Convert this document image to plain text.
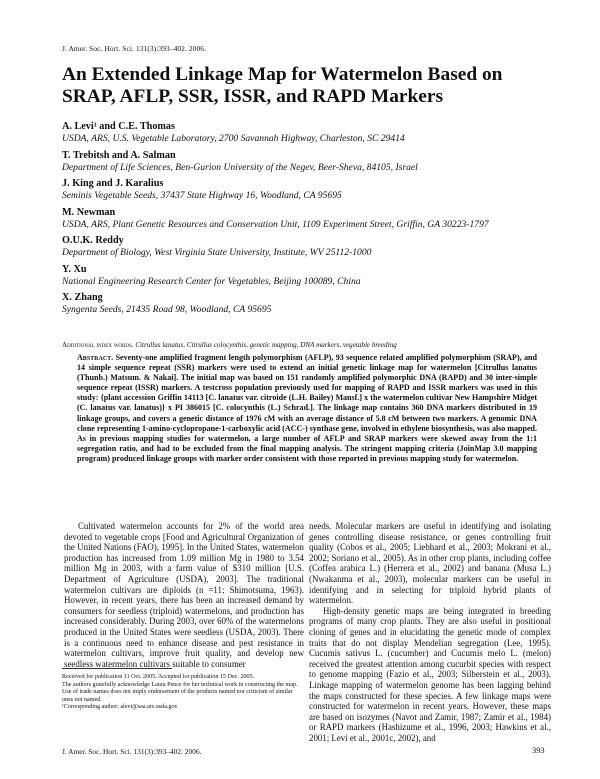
J. Amer. Soc. Hort. Sci. 131(3):393–402. 2006.
An Extended Linkage Map for Watermelon Based on SRAP, AFLP, SSR, ISSR, and RAPD Markers
A. Levi¹ and C.E. Thomas
USDA, ARS, U.S. Vegetable Laboratory, 2700 Savannah Highway, Charleston, SC 29414
T. Trebitsh and A. Salman
Department of Life Sciences, Ben-Gurion University of the Negev, Beer-Sheva, 84105, Israel
J. King and J. Karalius
Seminis Vegetable Seeds, 37437 State Highway 16, Woodland, CA 95695
M. Newman
USDA, ARS, Plant Genetic Resources and Conservation Unit, 1109 Experiment Street, Griffin, GA 30223-1797
O.U.K. Reddy
Department of Biology, West Virginia State University, Institute, WV 25112-1000
Y. Xu
National Engineering Research Center for Vegetables, Beijing 100089, China
X. Zhang
Syngenta Seeds, 21435 Road 98, Woodland, CA 95695
Additional index words. Citrullus lanatus, Citrullus colocynthis, genetic mapping, DNA markers, vegetable breeding

Abstract. Seventy-one amplified fragment length polymorphism (AFLP), 93 sequence related amplified polymorphism (SRAP), and 14 simple sequence repeat (SSR) markers were used to extend an initial genetic linkage map for watermelon [Citrullus lanatus (Thunb.) Matsum. & Nakai]. The initial map was based on 151 randomly amplified polymorphic DNA (RAPD) and 30 inter-simple sequence repeat (ISSR) markers. A testcross population previously used for mapping of RAPD and ISSR markers was used in this study: {plant accession Griffin 14113 [C. lanatus var. citroide (L.H. Bailey) Mansf.] x the watermelon cultivar New Hampshire Midget (C. lanatus var. lanatus)} x PI 386015 [C. colocynthis (L.) Schrad.]. The linkage map contains 360 DNA markers distributed in 19 linkage groups, and covers a genetic distance of 1976 cM with an average distance of 5.8 cM between two markers. A genomic DNA clone representing 1-amino-cyclopropane-1-carboxylic acid (ACC-) synthase gene, involved in ethylene biosynthesis, was also mapped. As in previous mapping studies for watermelon, a large number of AFLP and SRAP markers were skewed away from the 1:1 segregation ratio, and had to be excluded from the final mapping analysis. The stringent mapping criteria (JoinMap 3.0 mapping program) produced linkage groups with marker order consistent with those reported in previous mapping study for watermelon.

Cultivated watermelon accounts for 2% of the world area devoted to vegetable crops [Food and Agricultural Organization of the United Nations (FAO), 1995]. In the United States, watermelon production has increased from 1.09 million Mg in 1980 to 3.54 million Mg in 2003, with a farm value of $310 million [U.S. Department of Agriculture (USDA), 2003]. The traditional watermelon cultivars are diploids (n =11; Shimotsuma, 1963). However, in recent years, there has been an increased demand by consumers for seedless (triploid) watermelons, and production has increased considerably. During 2003, over 60% of the watermelons produced in the United States were seedless (USDA, 2003). There is a continuous need to enhance disease and pest resistance in watermelon cultivars, improve fruit quality, and develop new seedless watermelon cultivars suitable to consumer

needs. Molecular markers are useful in identifying and isolating genes controlling disease resistance, or genes controlling fruit quality (Cobos et al., 2005; Liebhard et al., 2003; Mokrani et al., 2002; Soriano et al., 2005). As in other crop plants, including coffee (Coffea arabica L.) (Herrera et al., 2002) and banana (Musa L.) (Nwakanma et al., 2003), molecular markers can be useful in identifying and in selecting for triploid hybrid plants of watermelon.

High-density genetic maps are being integrated in breeding programs of many crop plants. They are also useful in positional cloning of genes and in elucidating the genetic mode of complex traits that do not display Mendelian segregation (Lee, 1995). Cucumis sativus L. (cucumber) and Cucumis melo L. (melon) received the greatest attention among cucurbit species with respect to genome mapping (Fazio et al., 2003; Silberstein et al., 2003). Linkage mapping of watermelon genome has been lagging behind the maps constructed for these species. A few linkage maps were constructed for watermelon in recent years. However, these maps are based on isozymes (Navot and Zamir, 1987; Zamir et al., 1984) or RAPD markers (Hashizume et al., 1996, 2003; Hawkins et al., 2001; Levi et al., 2001c, 2002), and

Received for publication 11 Oct. 2005. Accepted for publication 15 Dec. 2005.

The authors gratefully acknowledge Laura Pence for her technical work in constructing the map. Use of trade names does not imply endorsement of the products named nor criticism of similar ones not named.

¹Corresponding author; alevi@saa.ars.usda.gov

J. Amer. Soc. Hort. Sci. 131(3):393–402. 2006.	393
